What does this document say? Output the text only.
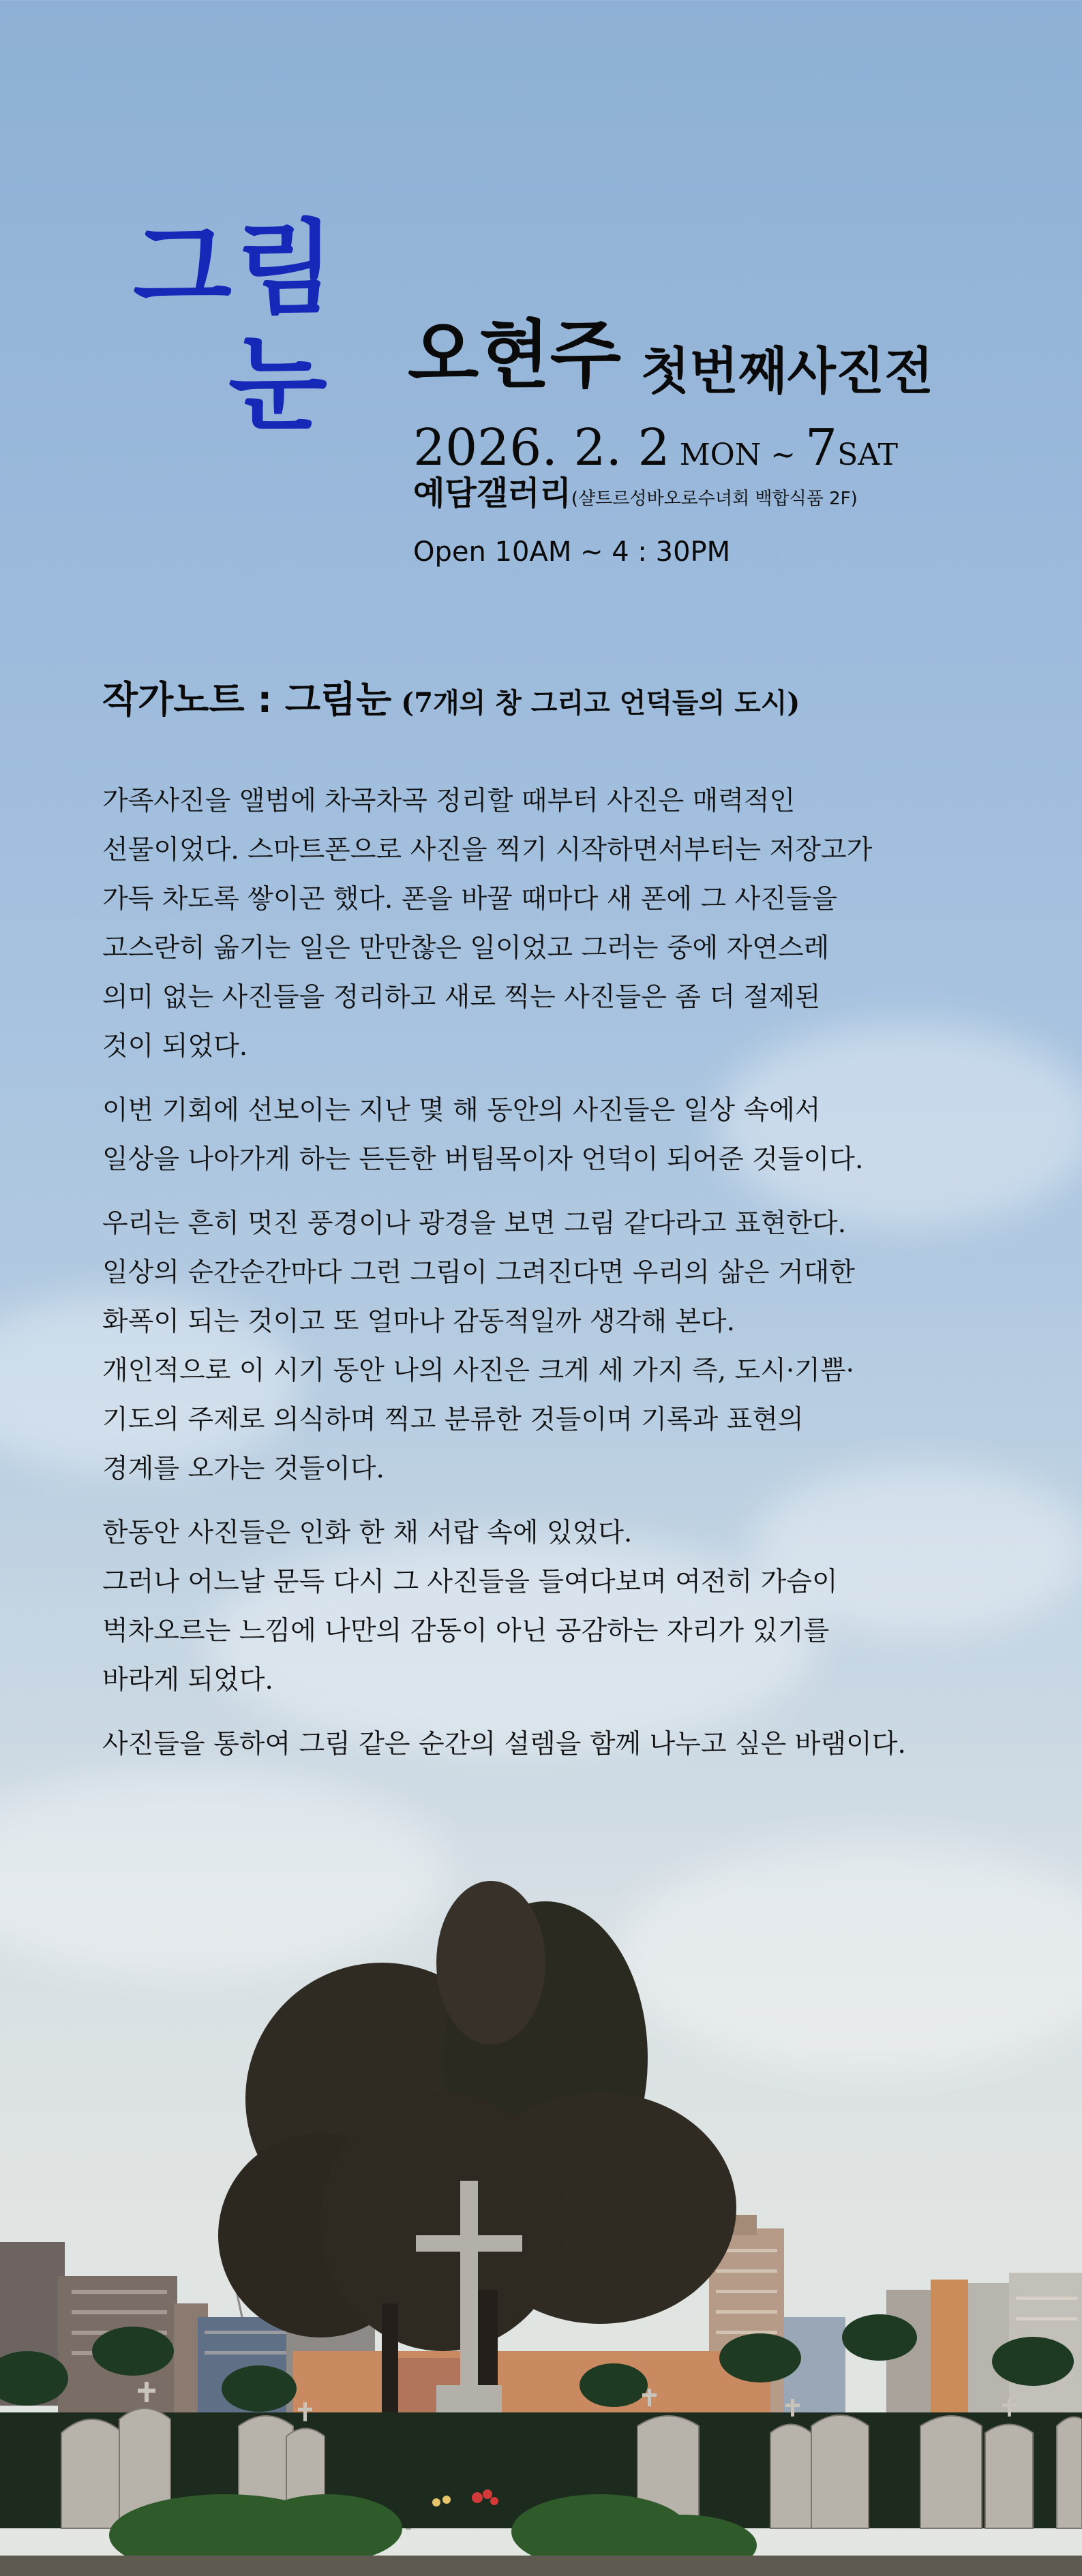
그림
눈 오현주 첫번째사진전
2026. 2. 2 MON ~ 7SAT
예담갤러리(샬트르성바오로수녀회 백합식품 2F)
Open 10AM ~ 4 : 30PM
작가노트 : 그림눈 (7개의 창 그리고 언덕들의 도시)

가족사진을 앨범에 차곡차곡 정리할 때부터 사진은 매력적인
선물이었다. 스마트폰으로 사진을 찍기 시작하면서부터는 저장고가
가득 차도록 쌓이곤 했다. 폰을 바꿀 때마다 새 폰에 그 사진들을
고스란히 옮기는 일은 만만찮은 일이었고 그러는 중에 자연스레
의미 없는 사진들을 정리하고 새로 찍는 사진들은 좀 더 절제된
것이 되었다.

이번 기회에 선보이는 지난 몇 해 동안의 사진들은 일상 속에서
일상을 나아가게 하는 든든한 버팀목이자 언덕이 되어준 것들이다.

우리는 흔히 멋진 풍경이나 광경을 보면 그림 같다라고 표현한다.
일상의 순간순간마다 그런 그림이 그려진다면 우리의 삶은 거대한
화폭이 되는 것이고 또 얼마나 감동적일까 생각해 본다.
개인적으로 이 시기 동안 나의 사진은 크게 세 가지 즉, 도시·기쁨·
기도의 주제로 의식하며 찍고 분류한 것들이며 기록과 표현의
경계를 오가는 것들이다.

한동안 사진들은 인화 한 채 서랍 속에 있었다.
그러나 어느날 문득 다시 그 사진들을 들여다보며 여전히 가슴이
벅차오르는 느낌에 나만의 감동이 아닌 공감하는 자리가 있기를
바라게 되었다.

사진들을 통하여 그림 같은 순간의 설렘을 함께 나누고 싶은 바램이다.
